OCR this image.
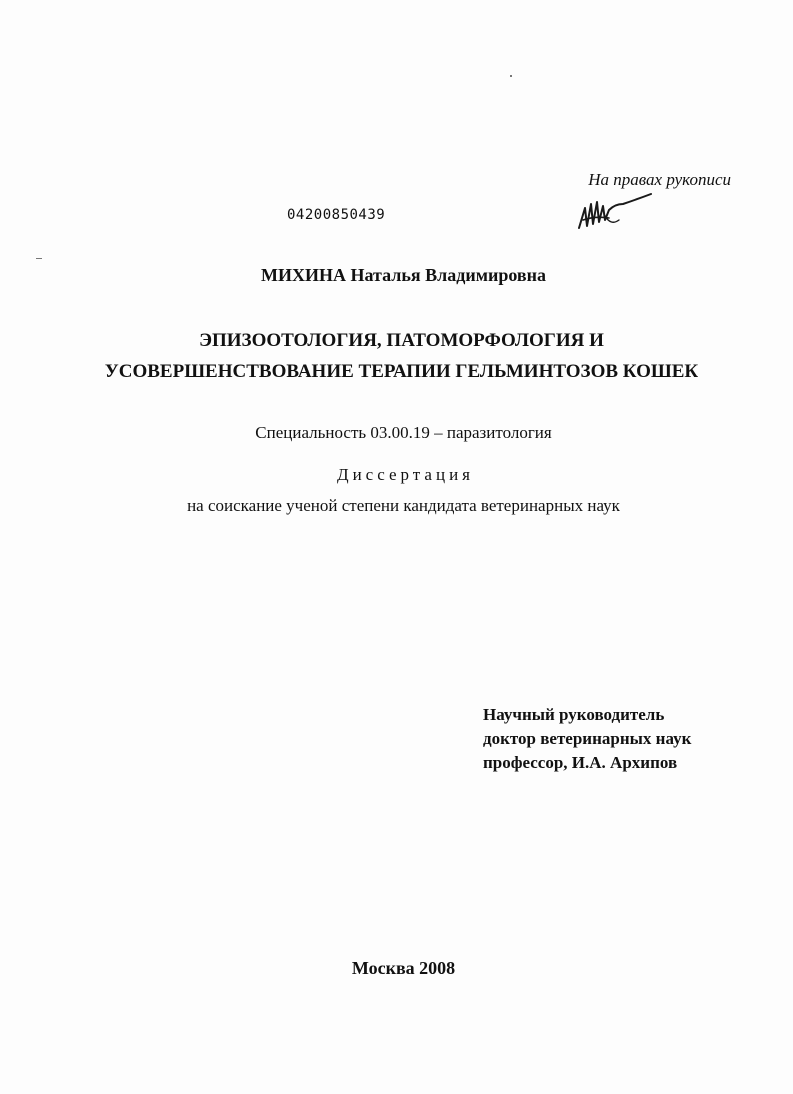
На правах рукописи
04200850439
МИХИНА Наталья Владимировна
ЭПИЗООТОЛОГИЯ, ПАТОМОРФОЛОГИЯ И
УСОВЕРШЕНСТВОВАНИЕ ТЕРАПИИ ГЕЛЬМИНТОЗОВ КОШЕК
Специальность 03.00.19 – паразитология
Диссертация
на соискание ученой степени кандидата ветеринарных наук
Научный руководитель
доктор ветеринарных наук
профессор, И.А. Архипов
Москва 2008
